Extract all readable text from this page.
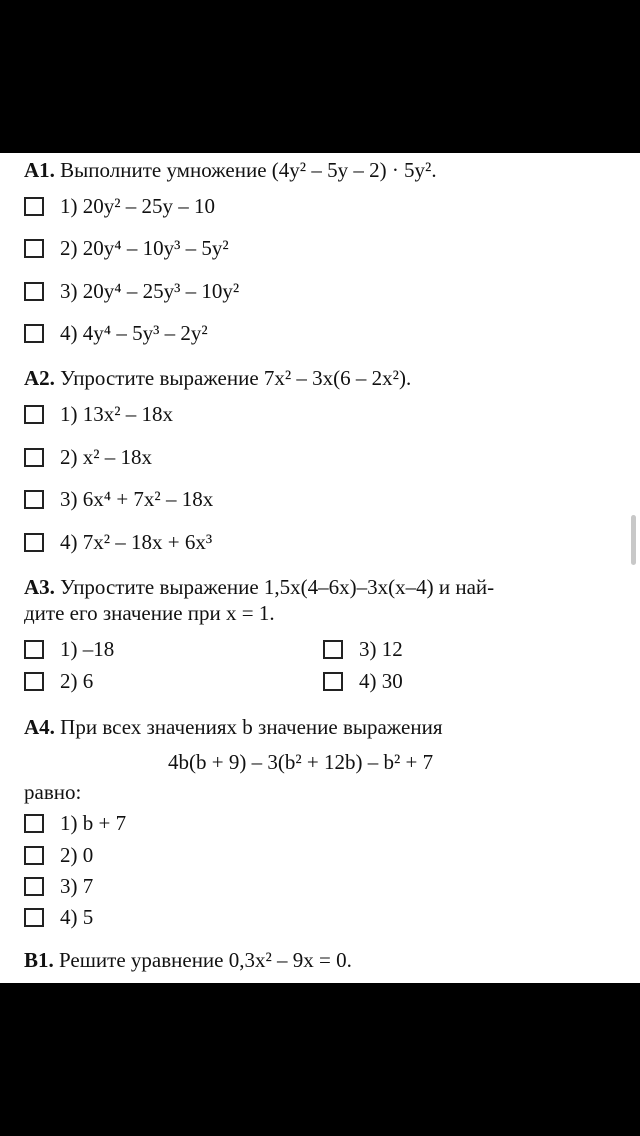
A1. Выполните умножение (4y² – 5y – 2) · 5y².
1) 20y² – 25y – 10
2) 20y⁴ – 10y³ – 5y²
3) 20y⁴ – 25y³ – 10y²
4) 4y⁴ – 5y³ – 2y²
A2. Упростите выражение 7x² – 3x(6 – 2x²).
1) 13x² – 18x
2) x² – 18x
3) 6x⁴ + 7x² – 18x
4) 7x² – 18x + 6x³
A3. Упростите выражение 1,5x(4–6x)–3x(x–4) и най-
дите его значение при x = 1.
1) –18
2) 6
3) 12
4) 30
A4. При всех значениях b значение выражения
4b(b + 9) – 3(b² + 12b) – b² + 7
равно:
1) b + 7
2) 0
3) 7
4) 5
B1. Решите уравнение 0,3x² – 9x = 0.
